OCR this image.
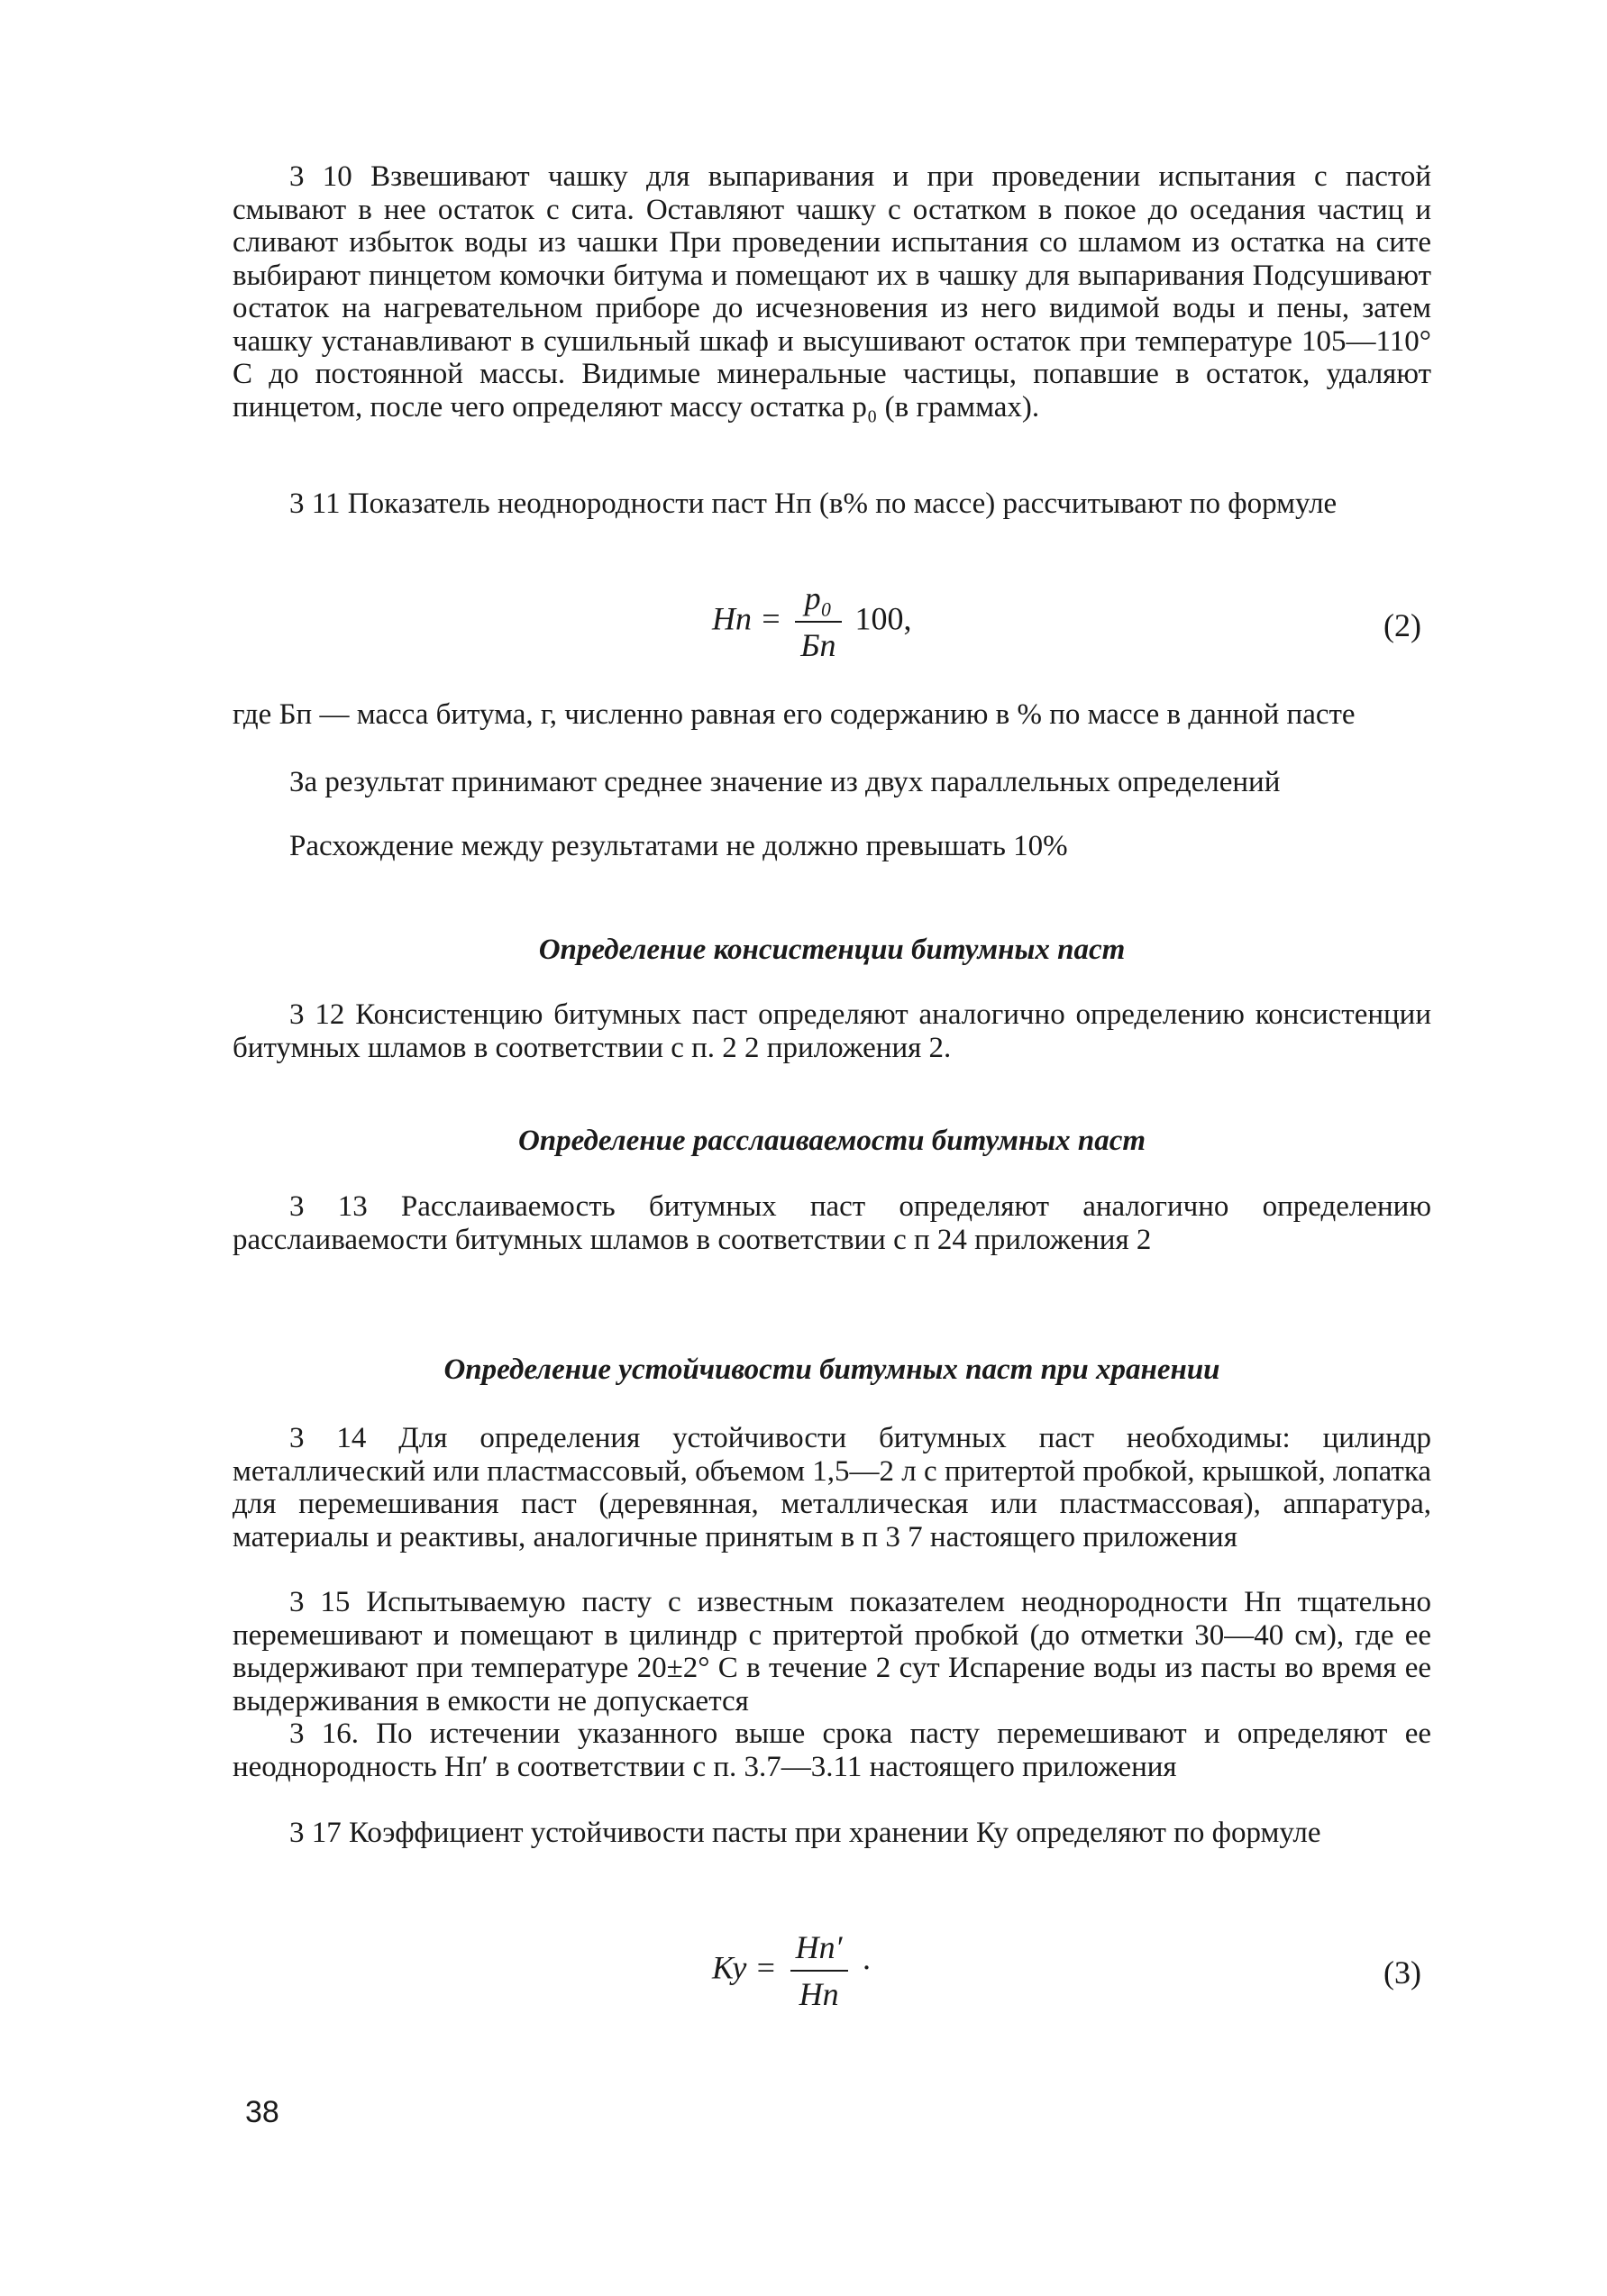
3 10 Взвешивают чашку для выпаривания и при проведении испытания с пастой смывают в нее остаток с сита. Оставляют чашку с остатком в покое до оседания частиц и сливают избыток воды из чашки При проведении испытания со шламом из остатка на сите выбирают пинцетом комочки битума и помещают их в чашку для выпаривания Подсушивают остаток на нагревательном приборе до исчезновения из него видимой воды и пены, затем чашку устанавливают в сушильный шкаф и высушивают остаток при температуре 105—110° С до постоянной массы. Видимые минеральные частицы, попавшие в остаток, удаляют пинцетом, после чего определяют массу остатка p₀ (в граммах).

3 11 Показатель неоднородности паст Нп (в% по массе) рассчитывают по формуле

Нп = $\frac{\text{p₀}}{Бп} 100$,	(2)

где Бп — масса битума, г, численно равная его содержанию в % по массе в данной пасте

За результат принимают среднее значение из двух параллельных определений

Расхождение между результатами не должно превышать 10%

Определение консистенции битумных паст

3 12 Консистенцию битумных паст определяют аналогично определению консистенции битумных шламов в соответствии с п. 2 2 приложения 2.

Определение расслаиваемости битумных паст

3 13 Расслаиваемость битумных паст определяют аналогично определению расслаиваемости битумных шламов в соответствии с п 24 приложения 2

Определение устойчивости битумных паст при хранении

3 14 Для определения устойчивости битумных паст необходимы: цилиндр металлический или пластмассовый, объемом 1,5—2 л с притертой пробкой, крышкой, лопатка для перемешивания паст (деревянная, металлическая или пластмассовая), аппаратура, материалы и реактивы, аналогичные принятым в п 3 7 настоящего приложения

3 15 Испытываемую пасту с известным показателем неоднородности Нп тщательно перемешивают и помещают в цилиндр с притертой пробкой (до отметки 30—40 см), где ее выдерживают при температуре 20±2° С в течение 2 сут Испарение воды из пасты во время ее выдерживания в емкости не допускается

3 16. По истечении указанного выше срока пасту перемешивают и определяют ее неоднородность Нп′ в соответствии с п. 3.7—3.11 настоящего приложения

3 17 Коэффициент устойчивости пасты при хранении Ку определяют по формуле

Ку = $\frac{Нп'}{Нп}$ ·	(3)
38
